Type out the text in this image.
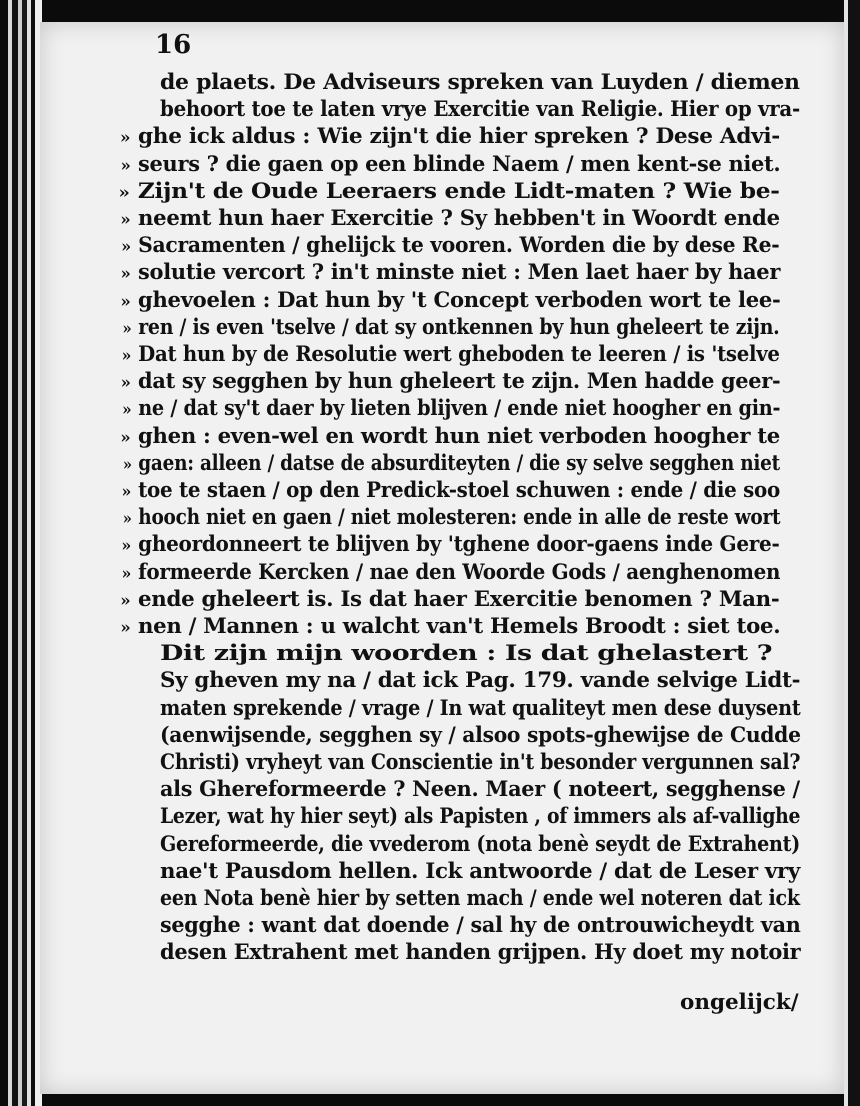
16
de plaets. De Adviseurs spreken van Luyden / diemen
behoort toe te laten vrye Exercitie van Religie. Hier op vra-
» ghe ick aldus : Wie zijn't die hier spreken ? Dese Advi-
» seurs ? die gaen op een blinde Naem / men kent-se niet.
» Zijn't de Oude Leeraers ende Lidt-maten ? Wie be-
» neemt hun haer Exercitie ? Sy hebben't in Woordt ende
» Sacramenten / ghelijck te vooren. Worden die by dese Re-
» solutie vercort ? in't minste niet : Men laet haer by haer
» ghevoelen : Dat hun by 't Concept verboden wort te lee-
» ren / is even 'tselve / dat sy ontkennen by hun gheleert te zijn.
» Dat hun by de Resolutie wert gheboden te leeren / is 'tselve
» dat sy segghen by hun gheleert te zijn. Men hadde geer-
» ne / dat sy't daer by lieten blijven / ende niet hoogher en gin-
» ghen : even-wel en wordt hun niet verboden hoogher te
» gaen: alleen / datse de absurditeyten / die sy selve segghen niet
» toe te staen / op den Predick-stoel schuwen : ende / die soo
» hooch niet en gaen / niet molesteren: ende in alle de reste wort
» gheordonneert te blijven by 'tghene door-gaens inde Gere-
» formeerde Kercken / nae den Woorde Gods / aenghenomen
» ende gheleert is. Is dat haer Exercitie benomen ? Man-
» nen / Mannen : u walcht van't Hemels Broodt : siet toe.
Dit zijn mijn woorden : Is dat ghelastert ?
Sy gheven my na / dat ick Pag. 179. vande selvige Lidt-
maten sprekende / vrage / In wat qualiteyt men dese duysent
(aenwijsende, segghen sy / alsoo spots-ghewijse de Cudde
Christi) vryheyt van Conscientie in't besonder vergunnen sal?
als Ghereformeerde ? Neen. Maer ( noteert, segghense /
Lezer, wat hy hier seyt) als Papisten , of immers als af-vallighe
Gereformeerde, die vvederom (nota benè seydt de Extrahent)
nae't Pausdom hellen. Ick antwoorde / dat de Leser vry
een Nota benè hier by setten mach / ende wel noteren dat ick
segghe : want dat doende / sal hy de ontrouwicheydt van
desen Extrahent met handen grijpen. Hy doet my notoir
ongelijck/
